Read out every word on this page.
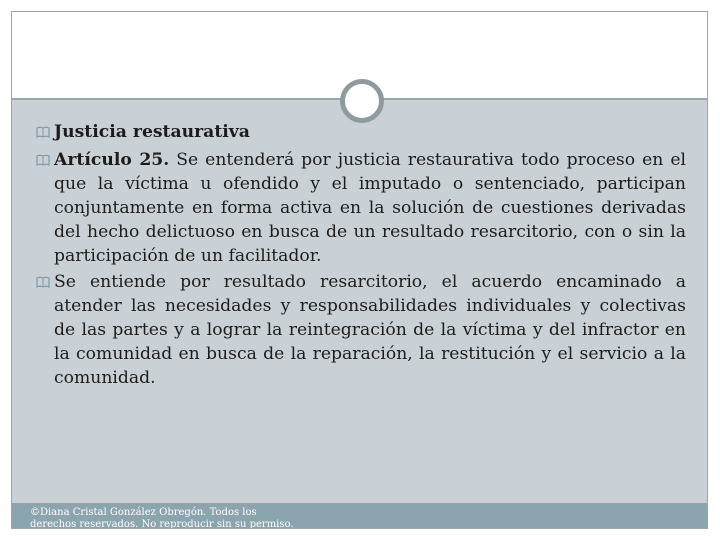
Justicia restaurativa

Artículo 25. Se entenderá por justicia restaurativa todo proceso en el que la víctima u ofendido y el imputado o sentenciado, participan conjuntamente en forma activa en la solución de cuestiones derivadas del hecho delictuoso en busca de un resultado resarcitorio, con o sin la participación de un facilitador.

Se entiende por resultado resarcitorio, el acuerdo encaminado a atender las necesidades y responsabilidades individuales y colectivas de las partes y a lograr la reintegración de la víctima y del infractor en la comunidad en busca de la reparación, la restitución y el servicio a la comunidad.

©Diana Cristal González Obregón. Todos los derechos reservados. No reproducir sin su permiso.
